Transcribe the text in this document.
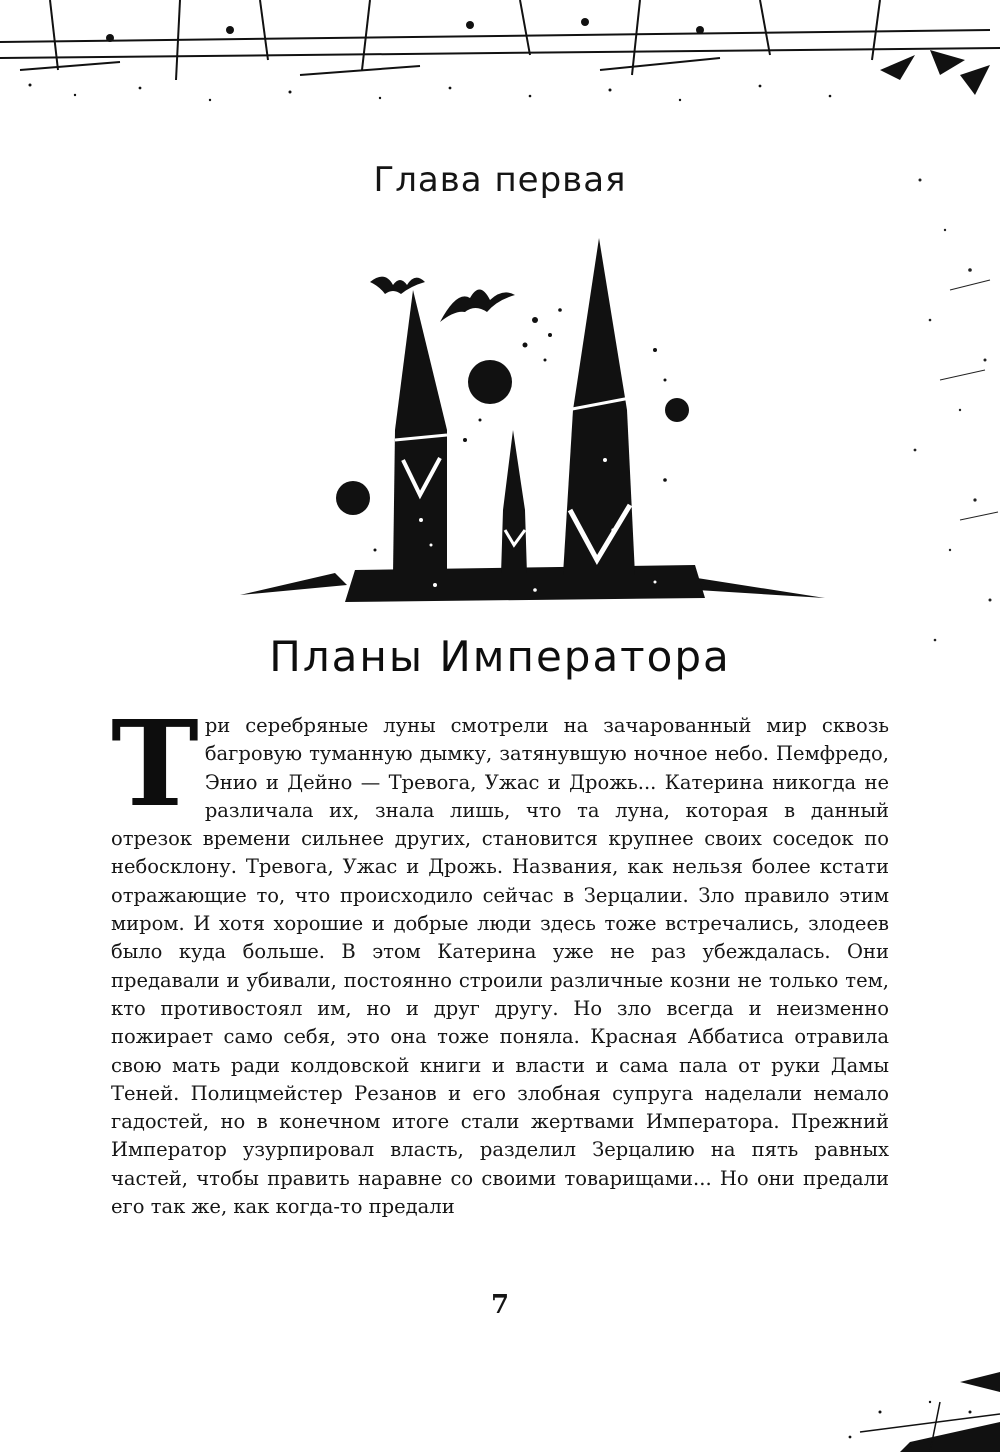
Глава первая
Планы Императора
Три серебряные луны смотрели на зачарованный мир сквозь багровую туманную дымку, затянувшую ночное небо. Пемфредо, Энио и Дейно — Тревога, Ужас и Дрожь... Катерина никогда не различала их, знала лишь, что та луна, которая в данный отрезок времени сильнее других, становится крупнее своих соседок по небосклону. Тревога, Ужас и Дрожь. Названия, как нельзя более кстати отражающие то, что происходило сейчас в Зерцалии. Зло правило этим миром. И хотя хорошие и добрые люди здесь тоже встречались, злодеев было куда больше. В этом Катерина уже не раз убеждалась. Они предавали и убивали, постоянно строили различные козни не только тем, кто противостоял им, но и друг другу. Но зло всегда и неизменно пожирает само себя, это она тоже поняла. Красная Аббатиса отравила свою мать ради колдовской книги и власти и сама пала от руки Дамы Теней. Полицмейстер Резанов и его злобная супруга наделали немало гадостей, но в конечном итоге стали жертвами Императора. Прежний Император узурпировал власть, разделил Зерцалию на пять равных частей, чтобы править наравне со своими товарищами... Но они предали его так же, как когда-то предали
7
